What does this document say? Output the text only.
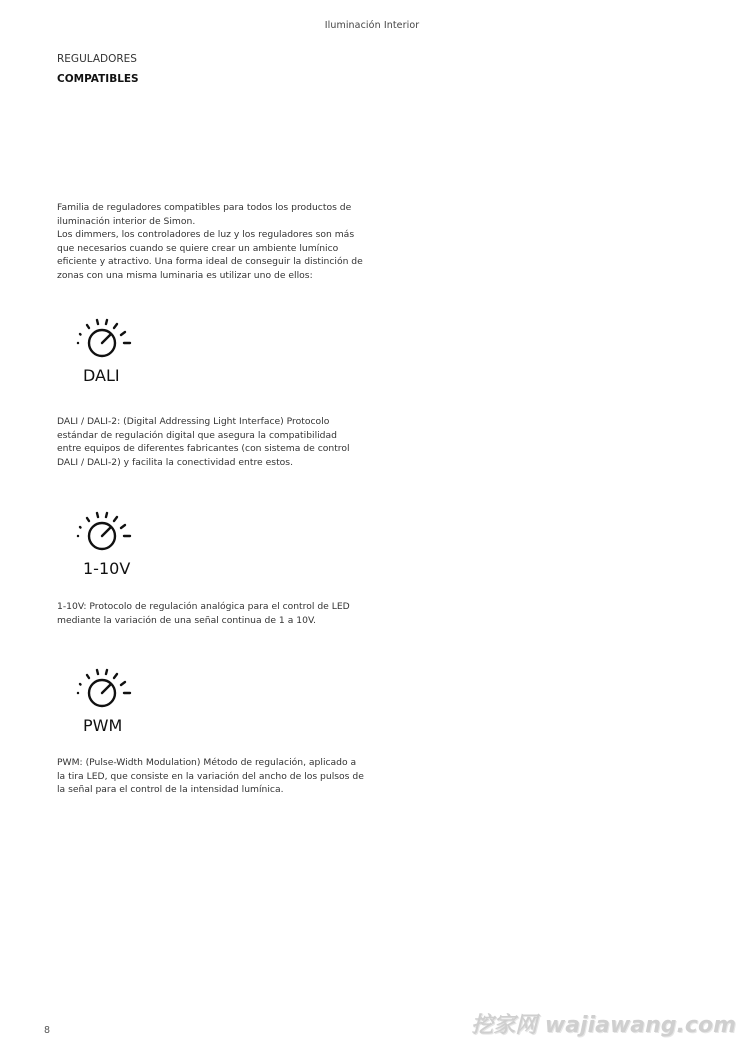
Iluminación Interior
REGULADORES
COMPATIBLES
Familia de reguladores compatibles para todos los productos de
iluminación interior de Simon.
Los dimmers, los controladores de luz y los reguladores son más
que necesarios cuando se quiere crear un ambiente lumínico
eficiente y atractivo. Una forma ideal de conseguir la distinción de
zonas con una misma luminaria es utilizar uno de ellos:
DALI
DALI / DALI-2: (Digital Addressing Light Interface) Protocolo
estándar de regulación digital que asegura la compatibilidad
entre equipos de diferentes fabricantes (con sistema de control
DALI / DALI-2) y facilita la conectividad entre estos.
1-10V
1-10V: Protocolo de regulación analógica para el control de LED
mediante la variación de una señal continua de 1 a 10V.
PWM
PWM: (Pulse-Width Modulation) Método de regulación, aplicado a
la tira LED, que consiste en la variación del ancho de los pulsos de
la señal para el control de la intensidad lumínica.
8	挖家网 wajiawang.com
